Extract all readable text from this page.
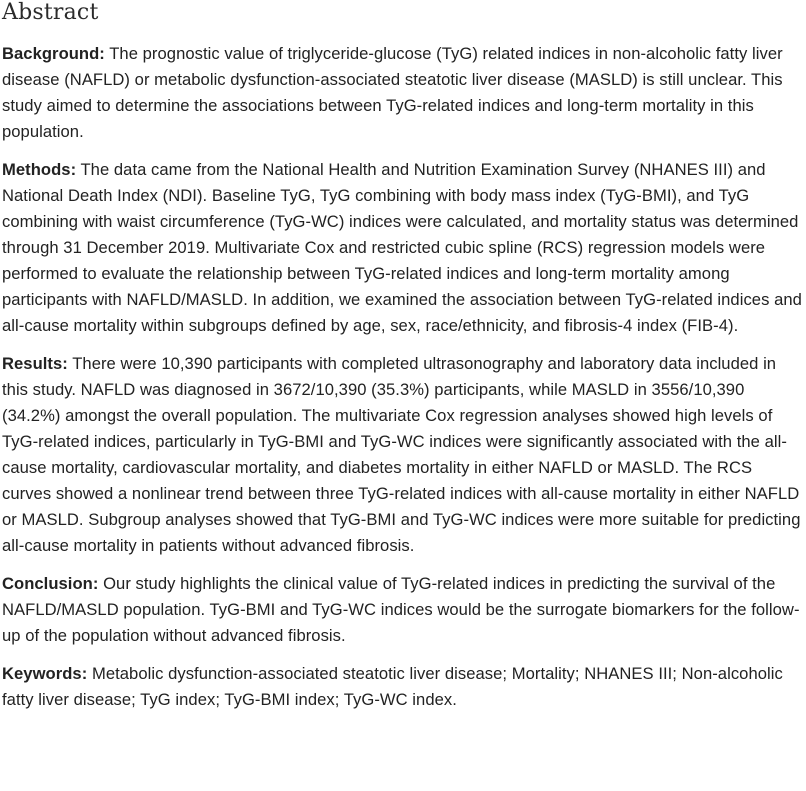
Abstract

Background: The prognostic value of triglyceride-glucose (TyG) related indices in non-alcoholic fatty liver disease (NAFLD) or metabolic dysfunction-associated steatotic liver disease (MASLD) is still unclear. This study aimed to determine the associations between TyG-related indices and long-term mortality in this population.

Methods: The data came from the National Health and Nutrition Examination Survey (NHANES III) and National Death Index (NDI). Baseline TyG, TyG combining with body mass index (TyG-BMI), and TyG combining with waist circumference (TyG-WC) indices were calculated, and mortality status was determined through 31 December 2019. Multivariate Cox and restricted cubic spline (RCS) regression models were performed to evaluate the relationship between TyG-related indices and long-term mortality among participants with NAFLD/MASLD. In addition, we examined the association between TyG-related indices and all-cause mortality within subgroups defined by age, sex, race/ethnicity, and fibrosis-4 index (FIB-4).

Results: There were 10,390 participants with completed ultrasonography and laboratory data included in this study. NAFLD was diagnosed in 3672/10,390 (35.3%) participants, while MASLD in 3556/10,390 (34.2%) amongst the overall population. The multivariate Cox regression analyses showed high levels of TyG-related indices, particularly in TyG-BMI and TyG-WC indices were significantly associated with the all-cause mortality, cardiovascular mortality, and diabetes mortality in either NAFLD or MASLD. The RCS curves showed a nonlinear trend between three TyG-related indices with all-cause mortality in either NAFLD or MASLD. Subgroup analyses showed that TyG-BMI and TyG-WC indices were more suitable for predicting all-cause mortality in patients without advanced fibrosis.

Conclusion: Our study highlights the clinical value of TyG-related indices in predicting the survival of the NAFLD/MASLD population. TyG-BMI and TyG-WC indices would be the surrogate biomarkers for the follow-up of the population without advanced fibrosis.

Keywords: Metabolic dysfunction-associated steatotic liver disease; Mortality; NHANES III; Non-alcoholic fatty liver disease; TyG index; TyG-BMI index; TyG-WC index.
